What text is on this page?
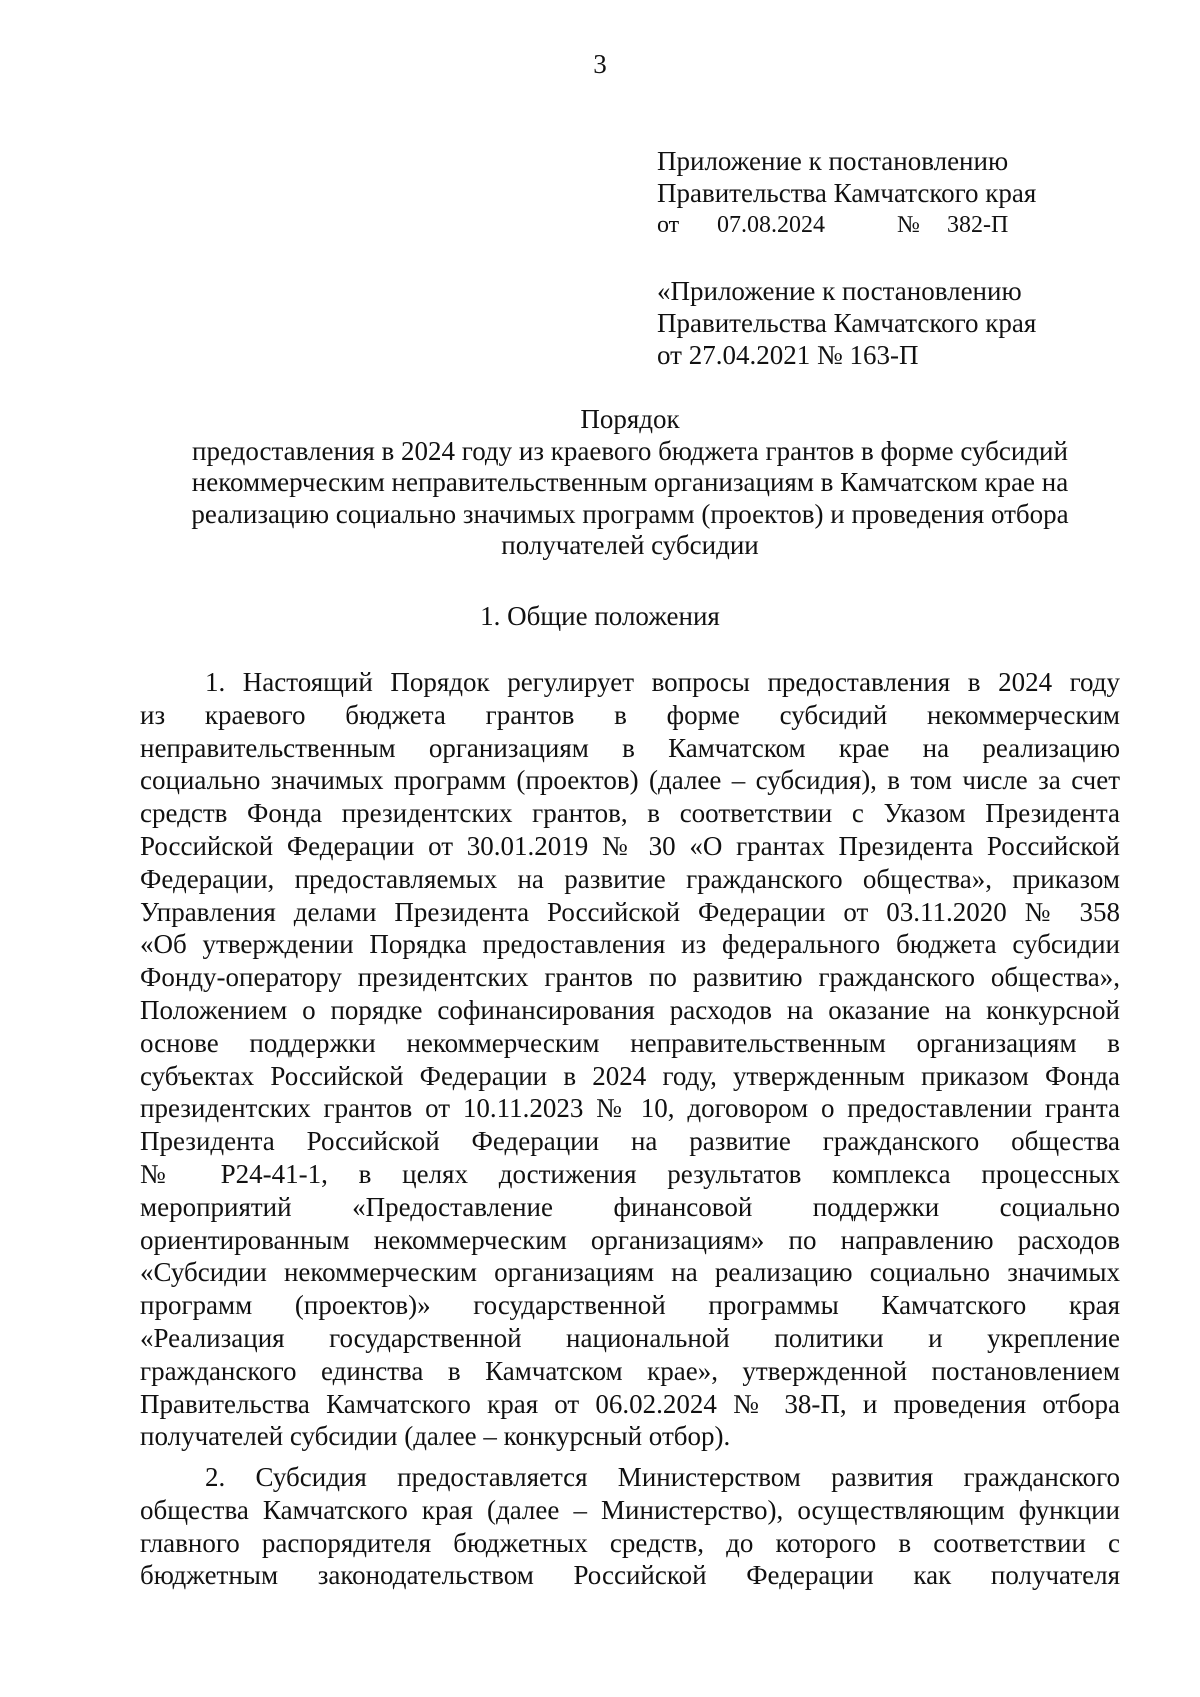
3
Приложение к постановлению
Правительства Камчатского края
от 07.08.2024	№ 382-П
«Приложение к постановлению
Правительства Камчатского края
от 27.04.2021 № 163-П
Порядок
предоставления в 2024 году из краевого бюджета грантов в форме субсидий
некоммерческим неправительственным организациям в Камчатском крае на
реализацию социально значимых программ (проектов) и проведения отбора
получателей субсидии
1. Общие положения
1. Настоящий Порядок регулирует вопросы предоставления в 2024 году
из краевого бюджета грантов в форме субсидий некоммерческим
неправительственным организациям в Камчатском крае на реализацию
социально значимых программ (проектов) (далее – субсидия), в том числе за счет
средств Фонда президентских грантов, в соответствии с Указом Президента
Российской Федерации от 30.01.2019 № 30 «О грантах Президента Российской
Федерации, предоставляемых на развитие гражданского общества», приказом
Управления делами Президента Российской Федерации от 03.11.2020 № 358
«Об утверждении Порядка предоставления из федерального бюджета субсидии
Фонду-оператору президентских грантов по развитию гражданского общества»,
Положением о порядке софинансирования расходов на оказание на конкурсной
основе поддержки некоммерческим неправительственным организациям в
субъектах Российской Федерации в 2024 году, утвержденным приказом Фонда
президентских грантов от 10.11.2023 № 10, договором о предоставлении гранта
Президента Российской Федерации на развитие гражданского общества
№ Р24-41-1, в целях достижения результатов комплекса процессных
мероприятий «Предоставление финансовой поддержки социально
ориентированным некоммерческим организациям» по направлению расходов
«Субсидии некоммерческим организациям на реализацию социально значимых
программ (проектов)» государственной программы Камчатского края
«Реализация государственной национальной политики и укрепление
гражданского единства в Камчатском крае», утвержденной постановлением
Правительства Камчатского края от 06.02.2024 № 38-П, и проведения отбора
получателей субсидии (далее – конкурсный отбор).
2. Субсидия предоставляется Министерством развития гражданского
общества Камчатского края (далее – Министерство), осуществляющим функции
главного распорядителя бюджетных средств, до которого в соответствии с
бюджетным законодательством Российской Федерации как получателя
